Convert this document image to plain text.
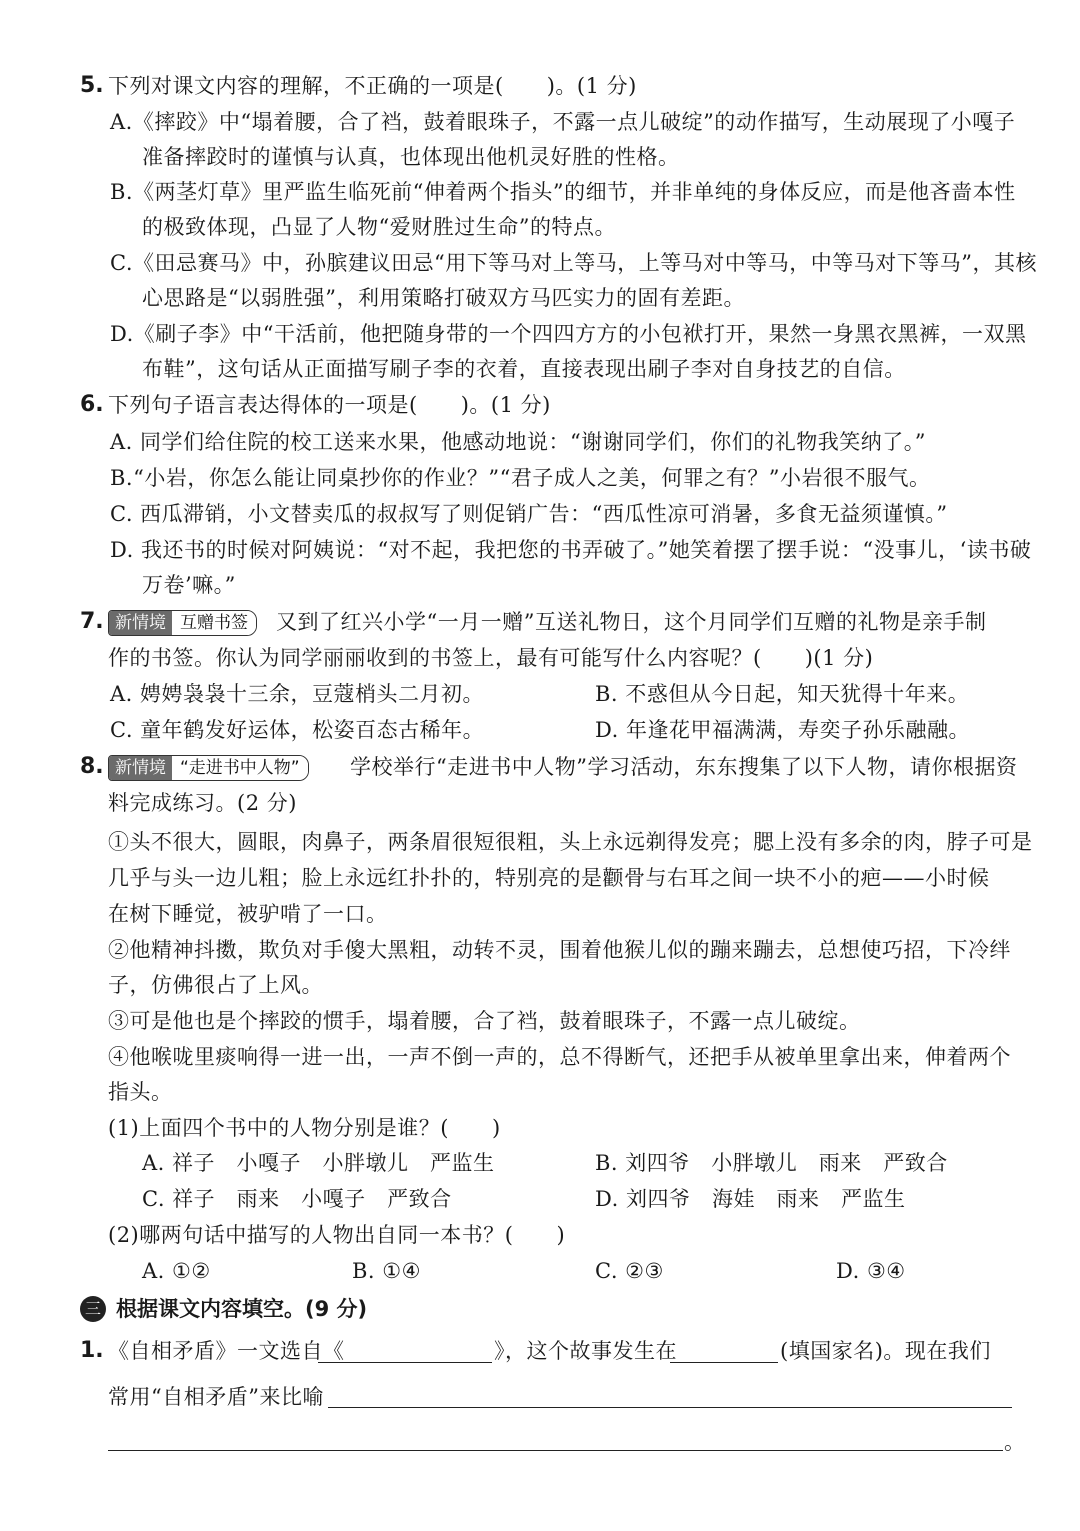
5. 下列对课文内容的理解，不正确的一项是(　　)。(1 分)
A.《摔跤》中“塌着腰，合了裆，鼓着眼珠子，不露一点儿破绽”的动作描写，生动展现了小嘎子
准备摔跤时的谨慎与认真，也体现出他机灵好胜的性格。
B.《两茎灯草》里严监生临死前“伸着两个指头”的细节，并非单纯的身体反应，而是他吝啬本性
的极致体现，凸显了人物“爱财胜过生命”的特点。
C.《田忌赛马》中，孙膑建议田忌“用下等马对上等马，上等马对中等马，中等马对下等马”，其核
心思路是“以弱胜强”，利用策略打破双方马匹实力的固有差距。
D.《刷子李》中“干活前，他把随身带的一个四四方方的小包袱打开，果然一身黑衣黑裤，一双黑
布鞋”，这句话从正面描写刷子李的衣着，直接表现出刷子李对自身技艺的自信。
6. 下列句子语言表达得体的一项是(　　)。(1 分)
A. 同学们给住院的校工送来水果，他感动地说：“谢谢同学们，你们的礼物我笑纳了。”
B.“小岩，你怎么能让同桌抄你的作业？”“君子成人之美，何罪之有？”小岩很不服气。
C. 西瓜滞销，小文替卖瓜的叔叔写了则促销广告：“西瓜性凉可消暑，多食无益须谨慎。”
D. 我还书的时候对阿姨说：“对不起，我把您的书弄破了。”她笑着摆了摆手说：“没事儿，‘读书破
万卷’嘛。”
7. 新情境 互赠书签	又到了红兴小学“一月一赠”互送礼物日，这个月同学们互赠的礼物是亲手制
作的书签。你认为同学丽丽收到的书签上，最有可能写什么内容呢？(　　)(1 分)
A. 娉娉袅袅十三余，豆蔻梢头二月初。	B. 不惑但从今日起，知天犹得十年来。
C. 童年鹤发好运体，松姿百态古稀年。	D. 年逢花甲福满满，寿奕子孙乐融融。
8. 新情境 “走进书中人物”	学校举行“走进书中人物”学习活动，东东搜集了以下人物，请你根据资
料完成练习。(2 分)
①头不很大，圆眼，肉鼻子，两条眉很短很粗，头上永远剃得发亮；腮上没有多余的肉，脖子可是
几乎与头一边儿粗；脸上永远红扑扑的，特别亮的是颧骨与右耳之间一块不小的疤——小时候
在树下睡觉，被驴啃了一口。
②他精神抖擞，欺负对手傻大黑粗，动转不灵，围着他猴儿似的蹦来蹦去，总想使巧招，下冷绊
子，仿佛很占了上风。
③可是他也是个摔跤的惯手，塌着腰，合了裆，鼓着眼珠子，不露一点儿破绽。
④他喉咙里痰响得一进一出，一声不倒一声的，总不得断气，还把手从被单里拿出来，伸着两个
指头。
(1)上面四个书中的人物分别是谁？(　　)
A. 祥子　小嘎子　小胖墩儿　严监生	B. 刘四爷　小胖墩儿　雨来　严致合
C. 祥子　雨来　小嘎子　严致合	D. 刘四爷　海娃　雨来　严监生
(2)哪两句话中描写的人物出自同一本书？(　　)
A. ①②	B. ①④	C. ②③	D. ③④
三 根据课文内容填空。(9 分)
1. 《自相矛盾》一文选自《	》，这个故事发生在	(填国家名)。现在我们
常用“自相矛盾”来比喻
。
